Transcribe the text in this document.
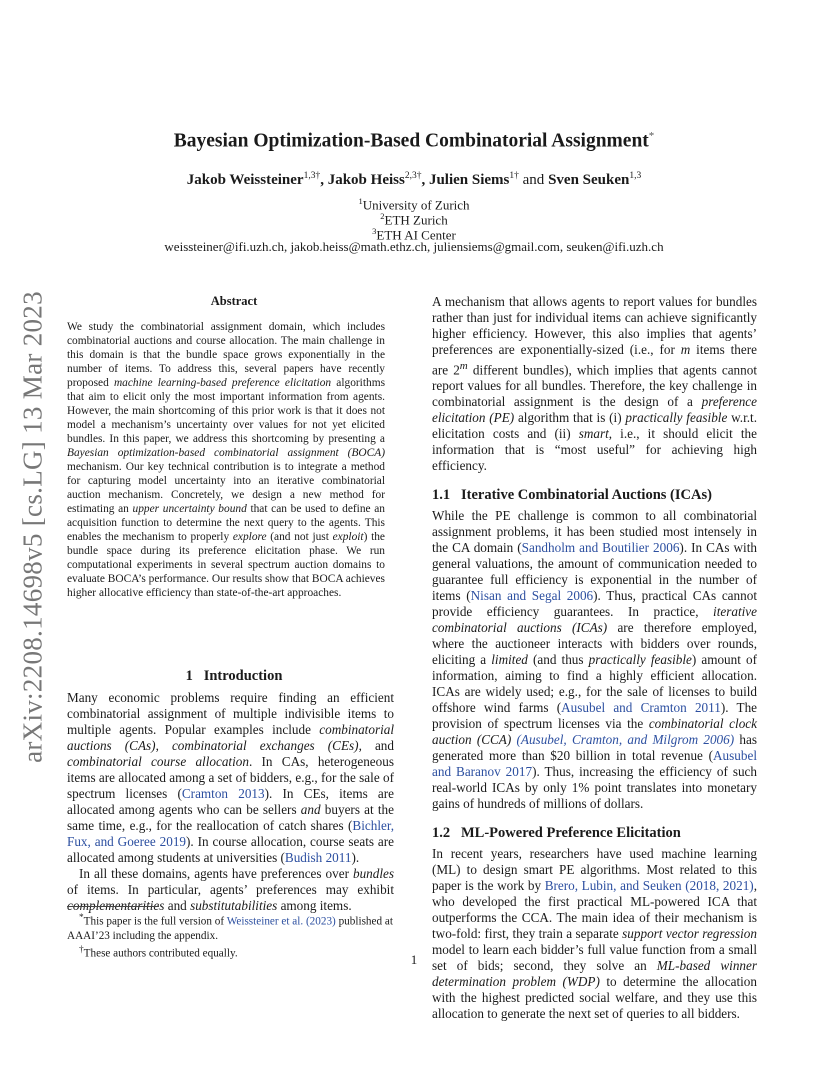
arXiv:2208.14698v5 [cs.LG] 13 Mar 2023
Bayesian Optimization-Based Combinatorial Assignment*
Jakob Weissteiner$^{1,3\dagger}$, Jakob Heiss$^{2,3\dagger}$, Julien Siems$^{1\dagger}$ and Sven Seuken$^{1,3}$
$^1$University of Zurich
$^2$ETH Zurich
$^3$ETH AI Center
weissteiner@ifi.uzh.ch, jakob.heiss@math.ethz.ch, juliensiems@gmail.com, seuken@ifi.uzh.ch
Abstract
We study the combinatorial assignment domain, which includes combinatorial auctions and course allocation. The main challenge in this domain is that the bundle space grows exponentially in the number of items. To address this, several papers have recently proposed machine learning-based preference elicitation algorithms that aim to elicit only the most important information from agents. However, the main shortcoming of this prior work is that it does not model a mechanism’s uncertainty over values for not yet elicited bundles. In this paper, we address this shortcoming by presenting a Bayesian optimization-based combinatorial assignment (BOCA) mechanism. Our key technical contribution is to integrate a method for capturing model uncertainty into an iterative combinatorial auction mechanism. Concretely, we design a new method for estimating an upper uncertainty bound that can be used to define an acquisition function to determine the next query to the agents. This enables the mechanism to properly explore (and not just exploit) the bundle space during its preference elicitation phase. We run computational experiments in several spectrum auction domains to evaluate BOCA’s performance. Our results show that BOCA achieves higher allocative efficiency than state-of-the-art approaches.
1 Introduction

Many economic problems require finding an efficient combinatorial assignment of multiple indivisible items to multiple agents. Popular examples include combinatorial auctions (CAs), combinatorial exchanges (CEs), and combinatorial course allocation. In CAs, heterogeneous items are allocated among a set of bidders, e.g., for the sale of spectrum licenses (Cramton 2013). In CEs, items are allocated among agents who can be sellers and buyers at the same time, e.g., for the reallocation of catch shares (Bichler, Fux, and Goeree 2019). In course allocation, course seats are allocated among students at universities (Budish 2011).

In all these domains, agents have preferences over bundles of items. In particular, agents’ preferences may exhibit complementarities and substitutabilities among items.

*This paper is the full version of Weissteiner et al. (2023) published at AAAI’23 including the appendix.

†These authors contributed equally.

A mechanism that allows agents to report values for bundles rather than just for individual items can achieve significantly higher efficiency. However, this also implies that agents’ preferences are exponentially-sized (i.e., for m items there are 2$^m$ different bundles), which implies that agents cannot report values for all bundles. Therefore, the key challenge in combinatorial assignment is the design of a preference elicitation (PE) algorithm that is (i) practically feasible w.r.t. elicitation costs and (ii) smart, i.e., it should elicit the information that is “most useful” for achieving high efficiency.

1.1 Iterative Combinatorial Auctions (ICAs)

While the PE challenge is common to all combinatorial assignment problems, it has been studied most intensely in the CA domain (Sandholm and Boutilier 2006). In CAs with general valuations, the amount of communication needed to guarantee full efficiency is exponential in the number of items (Nisan and Segal 2006). Thus, practical CAs cannot provide efficiency guarantees. In practice, iterative combinatorial auctions (ICAs) are therefore employed, where the auctioneer interacts with bidders over rounds, eliciting a limited (and thus practically feasible) amount of information, aiming to find a highly efficient allocation. ICAs are widely used; e.g., for the sale of licenses to build offshore wind farms (Ausubel and Cramton 2011). The provision of spectrum licenses via the combinatorial clock auction (CCA) (Ausubel, Cramton, and Milgrom 2006) has generated more than $20 billion in total revenue (Ausubel and Baranov 2017). Thus, increasing the efficiency of such real-world ICAs by only 1% point translates into monetary gains of hundreds of millions of dollars.

1.2 ML-Powered Preference Elicitation

In recent years, researchers have used machine learning (ML) to design smart PE algorithms. Most related to this paper is the work by Brero, Lubin, and Seuken (2018, 2021), who developed the first practical ML-powered ICA that outperforms the CCA. The main idea of their mechanism is two-fold: first, they train a separate support vector regression model to learn each bidder’s full value function from a small set of bids; second, they solve an ML-based winner determination problem (WDP) to determine the allocation with the highest predicted social welfare, and they use this allocation to generate the next set of queries to all bidders.

1
